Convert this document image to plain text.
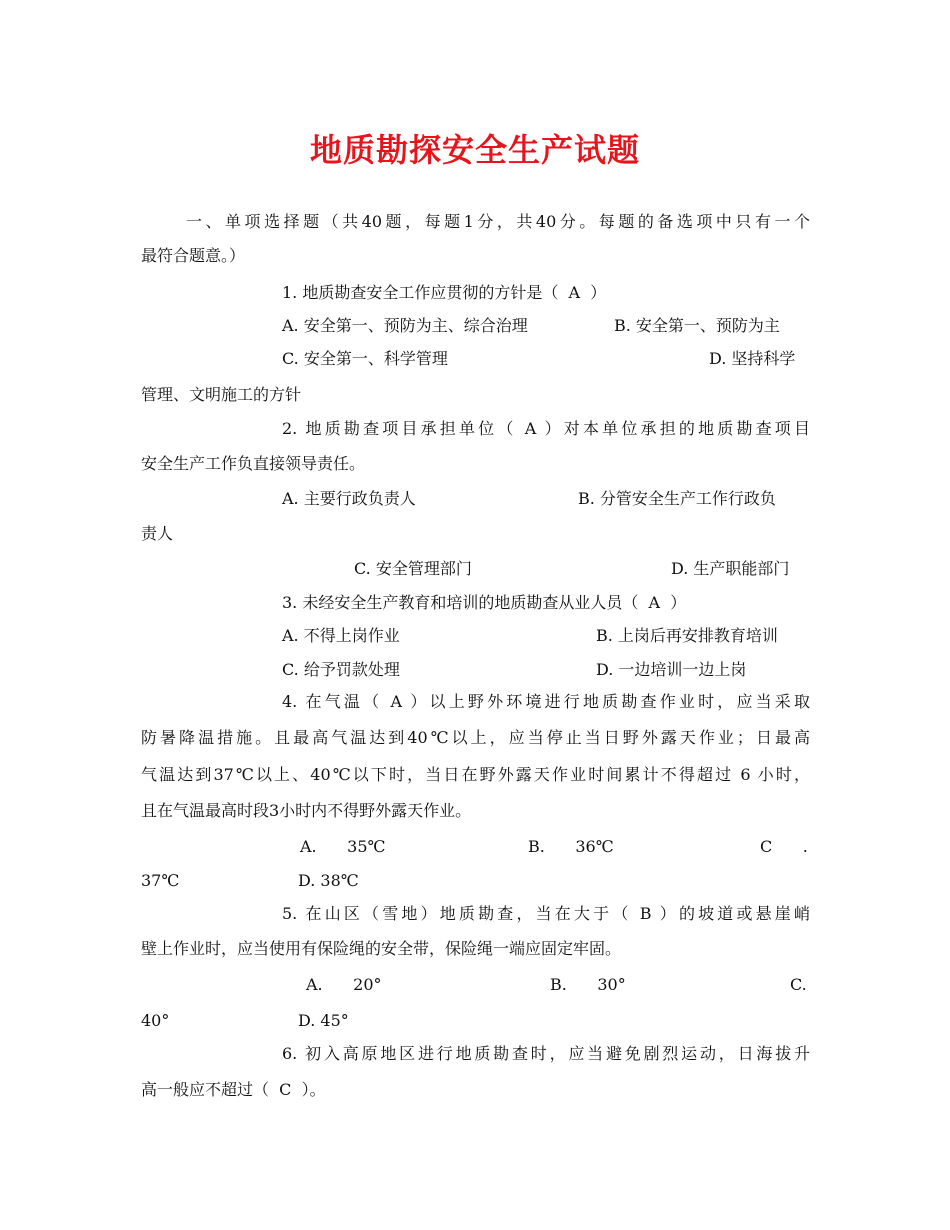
地质勘探安全生产试题
一、单项选择题（共40题，每题1分，共40分。每题的备选项中只有一个
最符合题意。）
1. 地质勘查安全工作应贯彻的方针是（  A  ）
A. 安全第一、预防为主、综合治理	B. 安全第一、预防为主
C. 安全第一、科学管理	D. 坚持科学
管理、文明施工的方针
2. 地质勘查项目承担单位（ A ）对本单位承担的地质勘查项目
安全生产工作负直接领导责任。
A. 主要行政负责人	B. 分管安全生产工作行政负
责人
C. 安全管理部门	D. 生产职能部门
3. 未经安全生产教育和培训的地质勘查从业人员（  A  ）
A. 不得上岗作业	B. 上岗后再安排教育培训
C. 给予罚款处理	D. 一边培训一边上岗
4. 在气温（ A ）以上野外环境进行地质勘查作业时，应当采取
防暑降温措施。且最高气温达到40℃以上，应当停止当日野外露天作业；日最高
气温达到37℃以上、40℃以下时，当日在野外露天作业时间累计不得超过 6 小时，
且在气温最高时段3小时内不得野外露天作业。
A.      35℃	B.      36℃	C      .
37℃	D. 38℃
5. 在山区（雪地）地质勘查，当在大于（ B ）的坡道或悬崖峭
壁上作业时，应当使用有保险绳的安全带，保险绳一端应固定牢固。
A.      20°	B.      30°	C.
40°	D. 45°
6. 初入高原地区进行地质勘查时，应当避免剧烈运动，日海拔升
高一般应不超过（  C  ）。
